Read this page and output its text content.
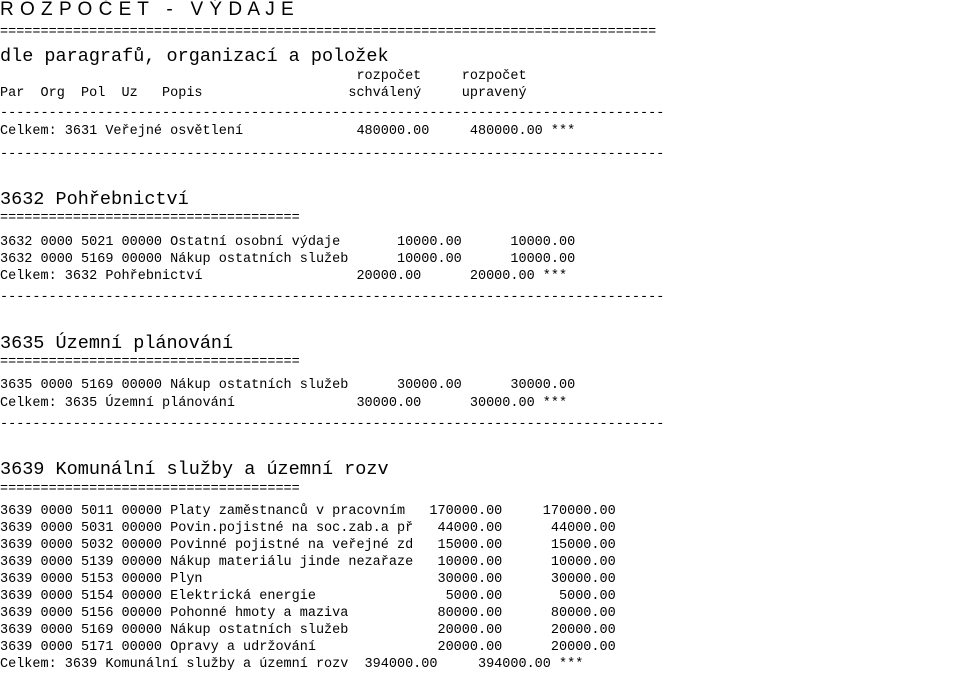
R O Z P O Č E T   -   V Ý D A J E
=================================================================================
dle paragrafů, organizací a položek
rozpočet     rozpočet
Par  Org  Pol  Uz   Popis                  schválený     upravený
----------------------------------------------------------------------------------
Celkem: 3631 Veřejné osvětlení              480000.00     480000.00 ***
----------------------------------------------------------------------------------
3632 Pohřebnictví
=====================================
3632 0000 5021 00000 Ostatní osobní výdaje       10000.00      10000.00
3632 0000 5169 00000 Nákup ostatních služeb      10000.00      10000.00
Celkem: 3632 Pohřebnictví                   20000.00      20000.00 ***
----------------------------------------------------------------------------------
3635 Územní plánování
=====================================
3635 0000 5169 00000 Nákup ostatních služeb      30000.00      30000.00
Celkem: 3635 Územní plánování               30000.00      30000.00 ***
----------------------------------------------------------------------------------
3639 Komunální služby a územní rozv
=====================================
3639 0000 5011 00000 Platy zaměstnanců v pracovním   170000.00     170000.00
3639 0000 5031 00000 Povin.pojistné na soc.zab.a př   44000.00      44000.00
3639 0000 5032 00000 Povinné pojistné na veřejné zd   15000.00      15000.00
3639 0000 5139 00000 Nákup materiálu jinde nezařaze   10000.00      10000.00
3639 0000 5153 00000 Plyn                             30000.00      30000.00
3639 0000 5154 00000 Elektrická energie                5000.00       5000.00
3639 0000 5156 00000 Pohonné hmoty a maziva           80000.00      80000.00
3639 0000 5169 00000 Nákup ostatních služeb           20000.00      20000.00
3639 0000 5171 00000 Opravy a udržování               20000.00      20000.00
Celkem: 3639 Komunální služby a územní rozv  394000.00     394000.00 ***
